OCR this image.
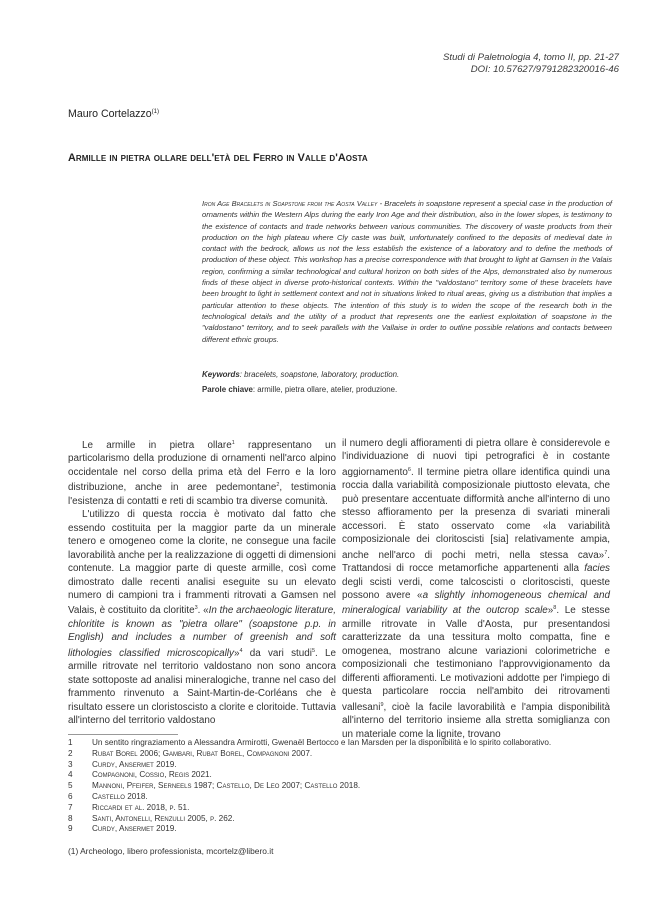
Studi di Paletnologia 4, tomo II, pp. 21-27
DOI: 10.57627/9791282320016-46
Mauro Cortelazzo$^{(1)}$
Armille in pietra ollare dell'età del Ferro in Valle d'Aosta
Iron Age Bracelets in Soapstone from the Aosta Valley - Bracelets in soapstone represent a special case in the production of ornaments within the Western Alps during the early Iron Age and their distribution, also in the lower slopes, is testimony to the existence of contacts and trade networks between various communities. The discovery of waste products from their production on the high plateau where Cly caste was built, unfortunately confined to the deposits of medieval date in contact with the bedrock, allows us not the less establish the existence of a laboratory and to define the methods of production of these object. This workshop has a precise correspondence with that brought to light at Gamsen in the Valais region, confirming a similar technological and cultural horizon on both sides of the Alps, demonstrated also by numerous finds of these object in diverse proto-historical contexts. Within the "valdostano" territory some of these bracelets have been brought to light in settlement context and not in situations linked to ritual areas, giving us a distribution that implies a particular attention to these objects. The intention of this study is to widen the scope of the research both in the technological details and the utility of a product that represents one the earliest exploitation of soapstone in the "valdostano" territory, and to seek parallels with the Vallaise in order to outline possible relations and contacts between different ethnic groups.
Keywords: bracelets, soapstone, laboratory, production.
Parole chiave: armille, pietra ollare, atelier, produzione.

Le armille in pietra ollare$^1$ rappresentano un particolarismo della produzione di ornamenti nell'arco alpino occidentale nel corso della prima età del Ferro e la loro distribuzione, anche in aree pedemontane$^2$, testimonia l'esistenza di contatti e reti di scambio tra diverse comunità.

L'utilizzo di questa roccia è motivato dal fatto che essendo costituita per la maggior parte da un minerale tenero e omogeneo come la clorite, ne consegue una facile lavorabilità anche per la realizzazione di oggetti di dimensioni contenute. La maggior parte di queste armille, così come dimostrato dalle recenti analisi eseguite su un elevato numero di campioni tra i frammenti ritrovati a Gamsen nel Valais, è costituito da cloritite$^3$. «In the archaeologic literature, chloritite is known as "pietra ollare" (soapstone p.p. in English) and includes a number of greenish and soft lithologies classified microscopically»$^4$ da vari studi$^5$. Le armille ritrovate nel territorio valdostano non sono ancora state sottoposte ad analisi mineralogiche, tranne nel caso del frammento rinvenuto a Saint-Martin-de-Corléans che è risultato essere un cloristoscisto a clorite e cloritoide. Tuttavia all'interno del territorio valdostano

il numero degli affioramenti di pietra ollare è considerevole e l'individuazione di nuovi tipi petrografici è in costante aggiornamento$^6$. Il termine pietra ollare identifica quindi una roccia dalla variabilità composizionale piuttosto elevata, che può presentare accentuate difformità anche all'interno di uno stesso affioramento per la presenza di svariati minerali accessori. È stato osservato come «la variabilità composizionale dei cloritoscisti [sia] relativamente ampia, anche nell'arco di pochi metri, nella stessa cava»$^7$. Trattandosi di rocce metamorfiche appartenenti alla facies degli scisti verdi, come talcoscisti o cloritoscisti, queste possono avere «a slightly inhomogeneous chemical and mineralogical variability at the outcrop scale»$^8$. Le stesse armille ritrovate in Valle d'Aosta, pur presentandosi caratterizzate da una tessitura molto compatta, fine e omogenea, mostrano alcune variazioni colorimetriche e composizionali che testimoniano l'approvvigionamento da differenti affioramenti. Le motivazioni addotte per l'impiego di questa particolare roccia nell'ambito dei ritrovamenti vallesani$^9$, cioè la facile lavorabilità e l'ampia disponibilità all'interno del territorio insieme alla stretta somiglianza con un materiale come la lignite, trovano

1	Un sentito ringraziamento a Alessandra Armirotti, Gwenaël Bertocco e Ian Marsden per la disponibilità e lo spirito collaborativo.
2	Rubat Borel 2006; Gambari, Rubat Borel, Compagnoni 2007.
3	Curdy, Ansermet 2019.
4	Compagnoni, Cossio, Regis 2021.
5	Mannoni, Pfeifer, Serneels 1987; Castello, De Leo 2007; Castello 2018.
6	Castello 2018.
7	Riccardi et al. 2018, p. 51.
8	Santi, Antonelli, Renzulli 2005, p. 262.
9	Curdy, Ansermet 2019.
(1) Archeologo, libero professionista, mcortelz@libero.it
